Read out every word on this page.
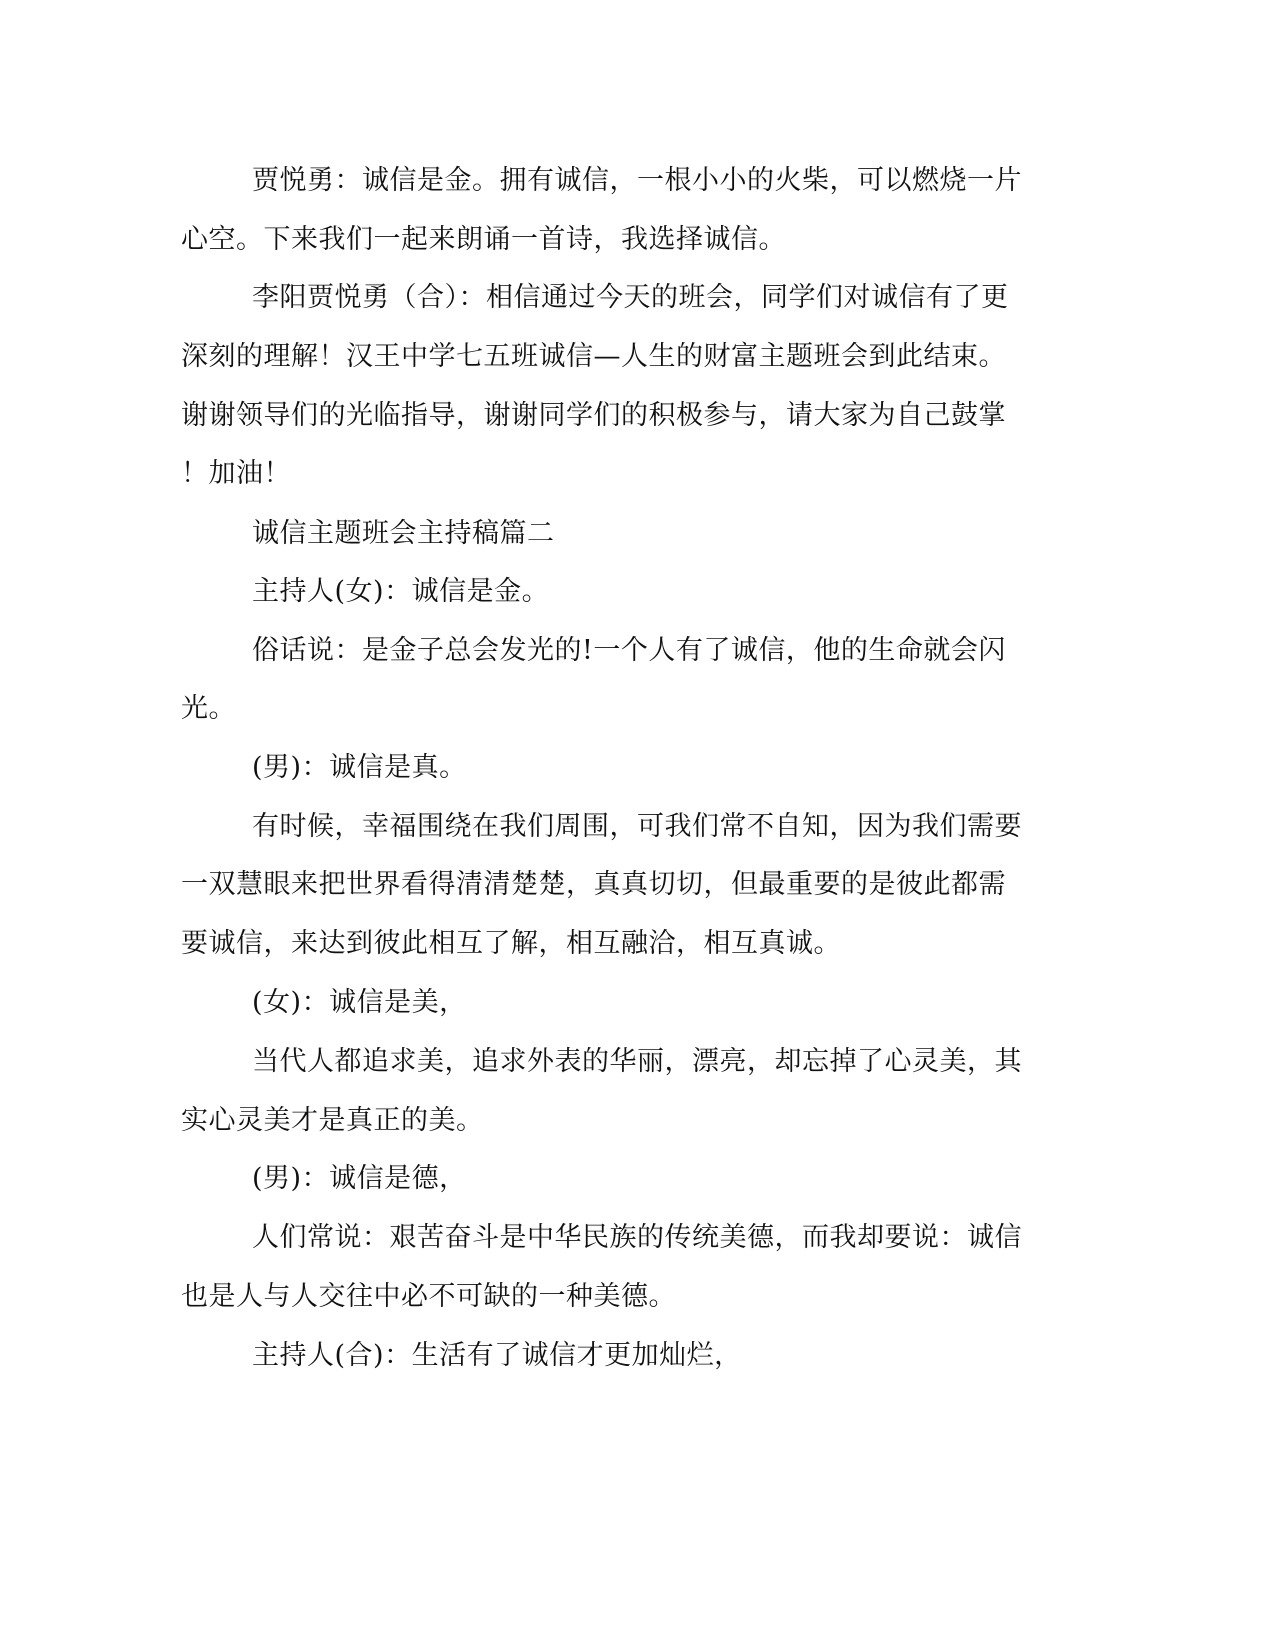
贾悦勇：诚信是金。拥有诚信，一根小小的火柴，可以燃烧一片

心空。下来我们一起来朗诵一首诗，我选择诚信。

李阳贾悦勇（合）：相信通过今天的班会，同学们对诚信有了更

深刻的理解！汉王中学七五班诚信—人生的财富主题班会到此结束。

谢谢领导们的光临指导，谢谢同学们的积极参与，请大家为自己鼓掌

！加油！

诚信主题班会主持稿篇二

主持人(女)：诚信是金。

俗话说：是金子总会发光的!一个人有了诚信，他的生命就会闪

光。

(男)：诚信是真。

有时候，幸福围绕在我们周围，可我们常不自知，因为我们需要

一双慧眼来把世界看得清清楚楚，真真切切，但最重要的是彼此都需

要诚信，来达到彼此相互了解，相互融洽，相互真诚。

(女)：诚信是美，

当代人都追求美，追求外表的华丽，漂亮，却忘掉了心灵美，其

实心灵美才是真正的美。

(男)：诚信是德，

人们常说：艰苦奋斗是中华民族的传统美德，而我却要说：诚信

也是人与人交往中必不可缺的一种美德。

主持人(合)：生活有了诚信才更加灿烂，
